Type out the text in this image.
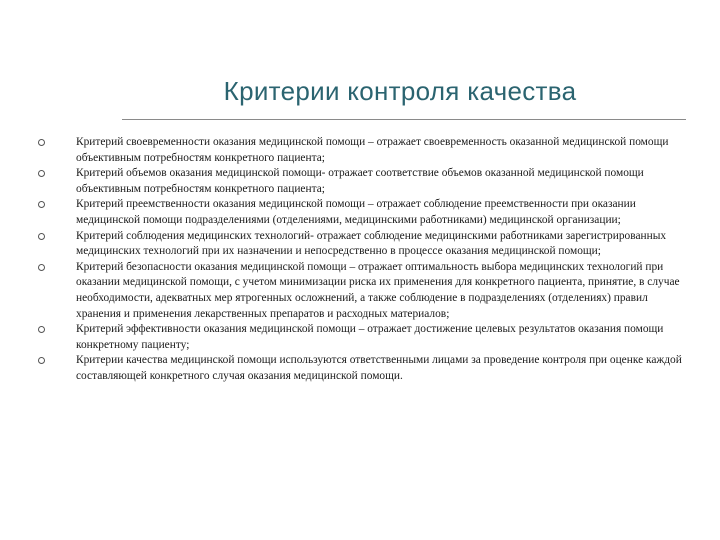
Критерии контроля качества
Критерий своевременности оказания медицинской помощи – отражает своевременность оказанной медицинской помощи объективным потребностям конкретного пациента;
Критерий объемов оказания медицинской помощи- отражает соответствие объемов оказанной медицинской помощи объективным потребностям конкретного пациента;
Критерий преемственности оказания медицинской помощи – отражает соблюдение преемственности при оказании медицинской помощи подразделениями (отделениями, медицинскими работниками) медицинской организации;
Критерий соблюдения медицинских технологий- отражает соблюдение медицинскими работниками зарегистрированных медицинских технологий при их назначении и непосредственно в процессе оказания медицинской помощи;
Критерий безопасности оказания медицинской помощи – отражает оптимальность выбора медицинских технологий при оказании медицинской помощи, с учетом минимизации риска их применения для конкретного пациента, принятие, в случае необходимости, адекватных мер ятрогенных осложнений, а также соблюдение в подразделениях (отделениях) правил хранения и применения лекарственных препаратов и расходных материалов;
Критерий эффективности оказания медицинской помощи – отражает достижение целевых результатов оказания помощи конкретному пациенту;
Критерии качества медицинской помощи используются ответственными лицами за проведение контроля при оценке каждой составляющей конкретного случая оказания медицинской помощи.
